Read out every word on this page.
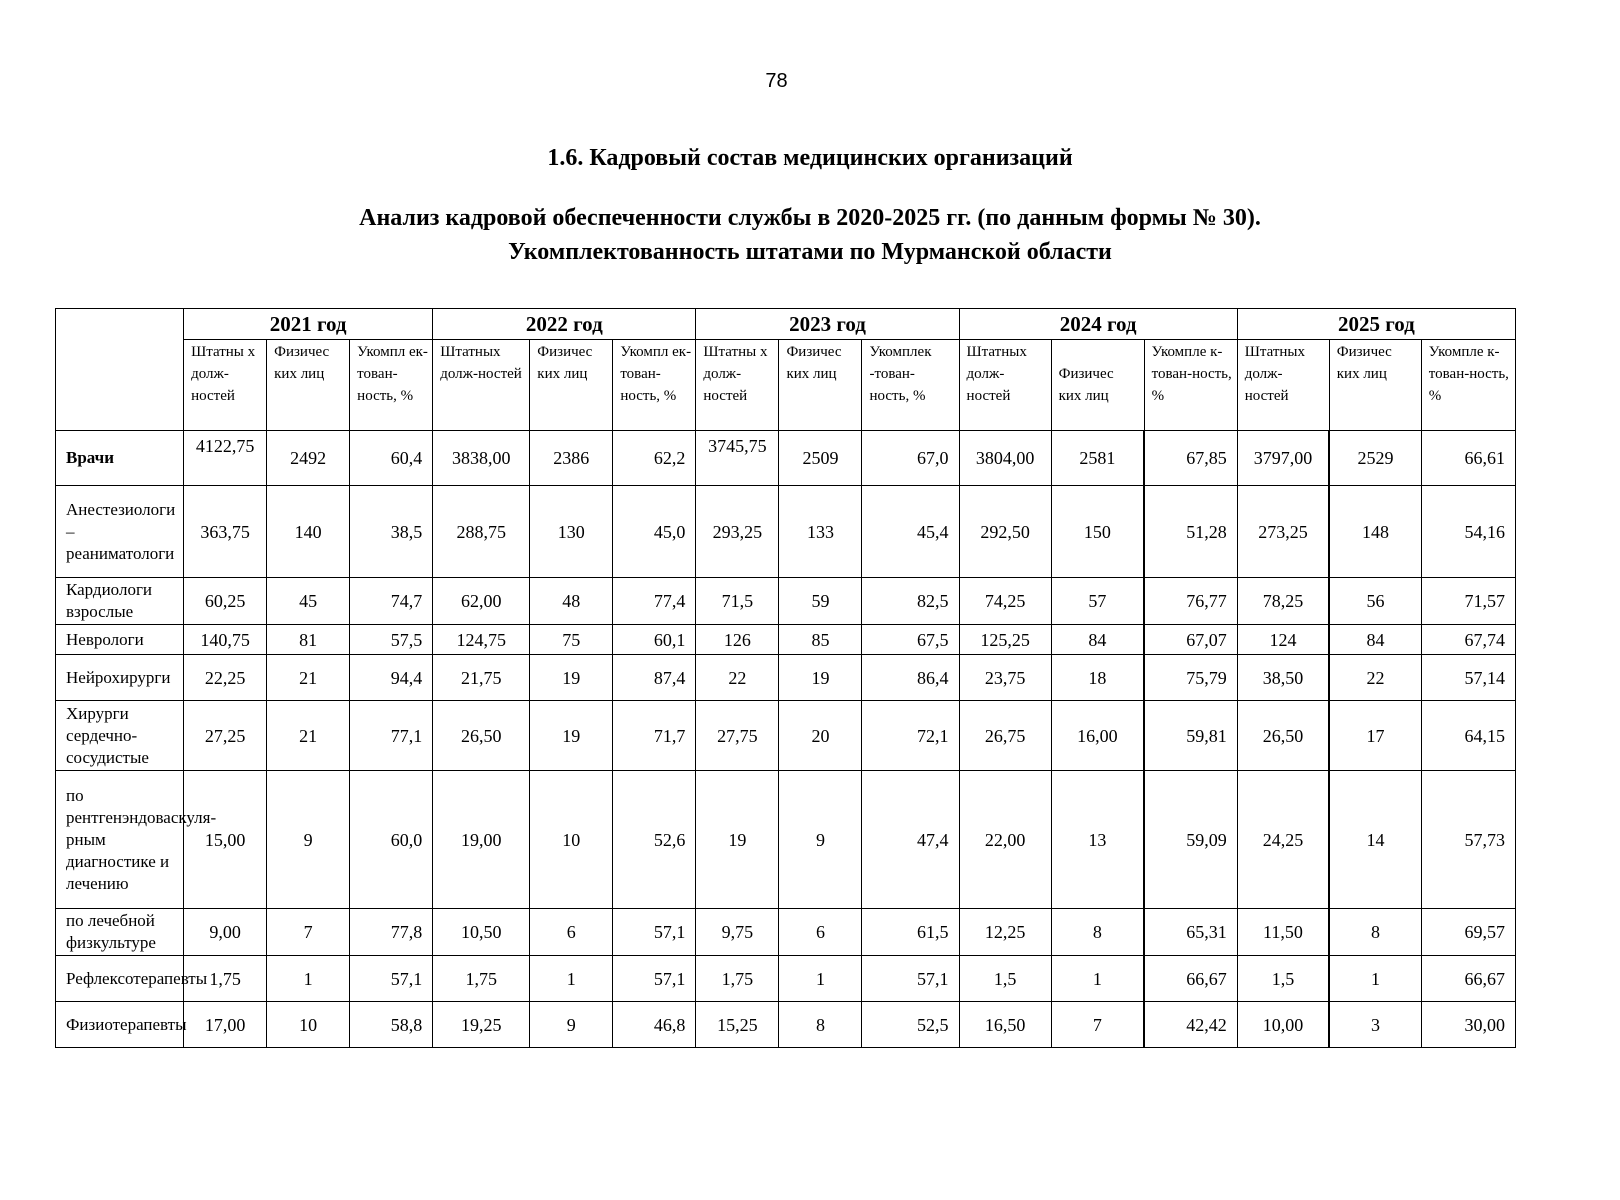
78
1.6. Кадровый состав медицинских организаций
Анализ кадровой обеспеченности службы в 2020-2025 гг. (по данным формы № 30).
Укомплектованность штатами по Мурманской области
	2021 год			2022 год			2023 год			2024 год			2025 год		
	Штатны х долж-ностей	Физичес ких лиц	Укомпл ек-тован-ность, %	Штатных долж-ностей	Физичес ких лиц	Укомпл ек-тован-ность, %	Штатны х долж-ностей	Физичес ких лиц	Укомплек -тован-ность, %	Штатных долж-ностей	Физичес ких лиц	Укомпле к-тован-ность, %	Штатных долж-ностей	Физичес ких лиц	Укомпле к-тован-ность, %
Врачи	4122,75	2492	60,4	3838,00	2386	62,2	3745,75	2509	67,0	3804,00	2581	67,85	3797,00	2529	66,61
Анестезиологи – реаниматологи	363,75	140	38,5	288,75	130	45,0	293,25	133	45,4	292,50	150	51,28	273,25	148	54,16
Кардиологи взрослые	60,25	45	74,7	62,00	48	77,4	71,5	59	82,5	74,25	57	76,77	78,25	56	71,57
Неврологи	140,75	81	57,5	124,75	75	60,1	126	85	67,5	125,25	84	67,07	124	84	67,74
Нейрохирурги	22,25	21	94,4	21,75	19	87,4	22	19	86,4	23,75	18	75,79	38,50	22	57,14
Хирурги сердечно-сосудистые	27,25	21	77,1	26,50	19	71,7	27,75	20	72,1	26,75	16,00	59,81	26,50	17	64,15
по рентгенэндоваскуля-рным диагностике и лечению	15,00	9	60,0	19,00	10	52,6	19	9	47,4	22,00	13	59,09	24,25	14	57,73
по лечебной физкультуре	9,00	7	77,8	10,50	6	57,1	9,75	6	61,5	12,25	8	65,31	11,50	8	69,57
Рефлексотерапевты	1,75	1	57,1	1,75	1	57,1	1,75	1	57,1	1,5	1	66,67	1,5	1	66,67
Физиотерапевты	17,00	10	58,8	19,25	9	46,8	15,25	8	52,5	16,50	7	42,42	10,00	3	30,00
